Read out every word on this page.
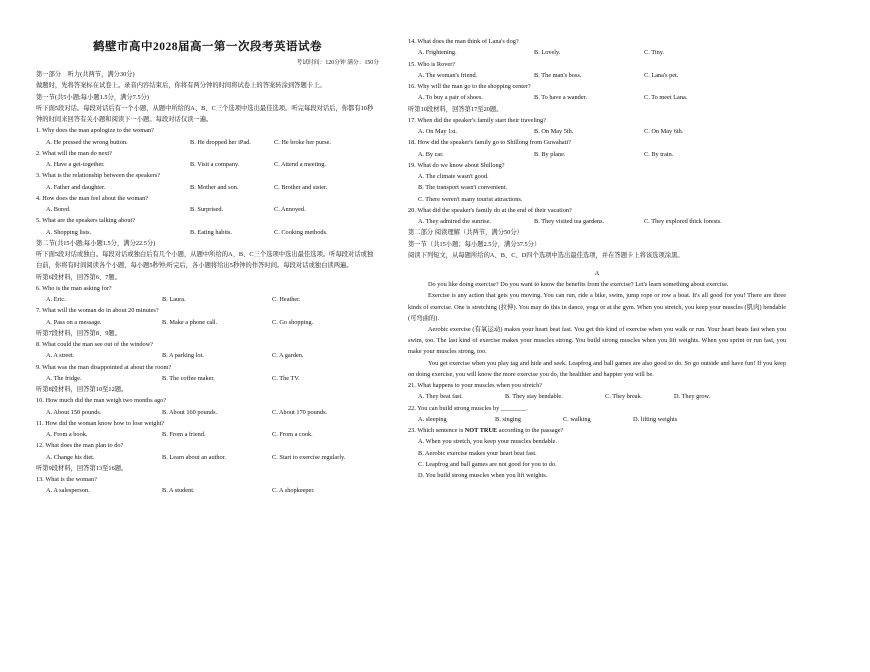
鹤壁市高中2028届高一第一次段考英语试卷
考试时间：120分钟 满分：150分
第一部分　听力(共两节，满分30分)
做题时，先将答案标在试卷上。录音内容结束后，你将有两分钟的时间将试卷上的答案转涂到答题卡上。
第一节(共5小题;每小题1.5分，满分7.5分)
听下面5段对话。每段对话后有一个小题，从题中所给的A、B、C三个选项中选出最佳选项。听完每段对话后，你都有10秒钟的时间来回答有关小题和阅读下一小题。每段对话仅读一遍。
1. Why does the man apologize to the woman?
A. He pressed the wrong button.	B. He dropped her iPad.	C. He broke her purse.
2. What will the man do next?
A. Have a get-together.	B. Visit a company.	C. Attend a meeting.
3. What is the relationship between the speakers?
A. Father and daughter.	B. Mother and son.	C. Brother and sister.
4. How does the man feel about the woman?
A. Bored.	B. Surprised.	C. Annoyed.
5. What are the speakers talking about?
A. Shopping lists.	B. Eating habits.	C. Cooking methods.
第二节(共15小题;每小题1.5分，满分22.5分)
听下面5段对话或独白。每段对话或独白后有几个小题，从题中所给的A、B、C三个选项中选出最佳选项。听每段对话或独白前，你将有时间阅读各个小题，每小题5秒钟;听完后，各小题将给出5秒钟的作答时间。每段对话或独白读两遍。
听第6段材料，回答第6、7题。
6. Who is the man asking for?
A. Eric.	B. Laura.	C. Heather.
7. What will the woman do in about 20 minutes?
A. Pass on a message.	B. Make a phone call.	C. Go shopping.
听第7段材料，回答第8、9题。
8. What could the man see out of the window?
A. A street.	B. A parking lot.	C. A garden.
9. What was the man disappointed at about the room?
A. The fridge.	B. The coffee maker.	C. The TV.
听第8段材料，回答第10至12题。
10. How much did the man weigh two months ago?
A. About 150 pounds.	B. About 160 pounds.	C. About 170 pounds.
11. How did the woman know how to lose weight?
A. From a book.	B. From a friend.	C. From a cook.
12. What does the man plan to do?
A. Change his diet.	B. Learn about an author.	C. Start to exercise regularly.
听第9段材料，回答第13至16题。
13. What is the woman?
A. A salesperson.	B. A student.	C. A shopkeeper.
14. What does the man think of Lana's dog?
A. Frightening.	B. Lovely.	C. Tiny.
15. Who is Rover?
A. The woman's friend.	B. The man's boss.	C. Lana's pet.
16. Why will the man go to the shopping center?
A. To buy a pair of shoes.	B. To have a wander.	C. To meet Lana.
听第10段材料，回答第17至20题。
17. When did the speaker's family start their traveling?
A. On May 1st.	B. On May 5th.	C. On May 6th.
18. How did the speaker's family go to Shillong from Guwahati?
A. By car.	B. By plane.	C. By train.
19. What do we know about Shillong?
A. The climate wasn't good.
B. The transport wasn't convenient.
C. There weren't many tourist attractions.
20. What did the speaker's family do at the end of their vacation?
A. They admired the sunrise.	B. They visited tea gardens.	C. They explored thick forests.
第二部分 阅读理解（共两节，满分50分）
第一节（共15小题；每小题2.5分，满分37.5分）
阅读下列短文，从每题所给的A、B、C、D四个选项中选出最佳选项，并在答题卡上将该选项涂黑。
A
Do you like doing exercise? Do you want to know the benefits from the exercise? Let's learn something about exercise.
Exercise is any action that gets you moving. You can run, ride a bike, swim, jump rope or row a boat. It's all good for you! There are three kinds of exercise. One is stretching (拉伸). You may do this in dance, yoga or at the gym. When you stretch, you keep your muscles (肌肉) bendable (可弯曲的).
Aerobic exercise (有氧运动) makes your heart beat fast. You get this kind of exercise when you walk or run. Your heart beats fast when you swim, too. The last kind of exercise makes your muscles strong. You build strong muscles when you lift weights. When you sprint or run fast, you make your muscles strong, too.
You get exercise when you play tag and hide and seek. Leapfrog and ball games are also good to do. So go outside and have fun! If you keep on doing exercise, you will know the more exercise you do, the healthier and happier you will be.
21. What happens to your muscles when you stretch?
A. They beat fast.	B. They stay bendable.	C. They break.	D. They grow.
22. You can build strong muscles by ________.
A. sleeping	B. singing	C. walking	D. lifting weights
23. Which sentence is NOT TRUE according to the passage?
A. When you stretch, you keep your muscles bendable.
B. Aerobic exercise makes your heart beat fast.
C. Leapfrog and ball games are not good for you to do.
D. You build strong muscles when you lift weights.
